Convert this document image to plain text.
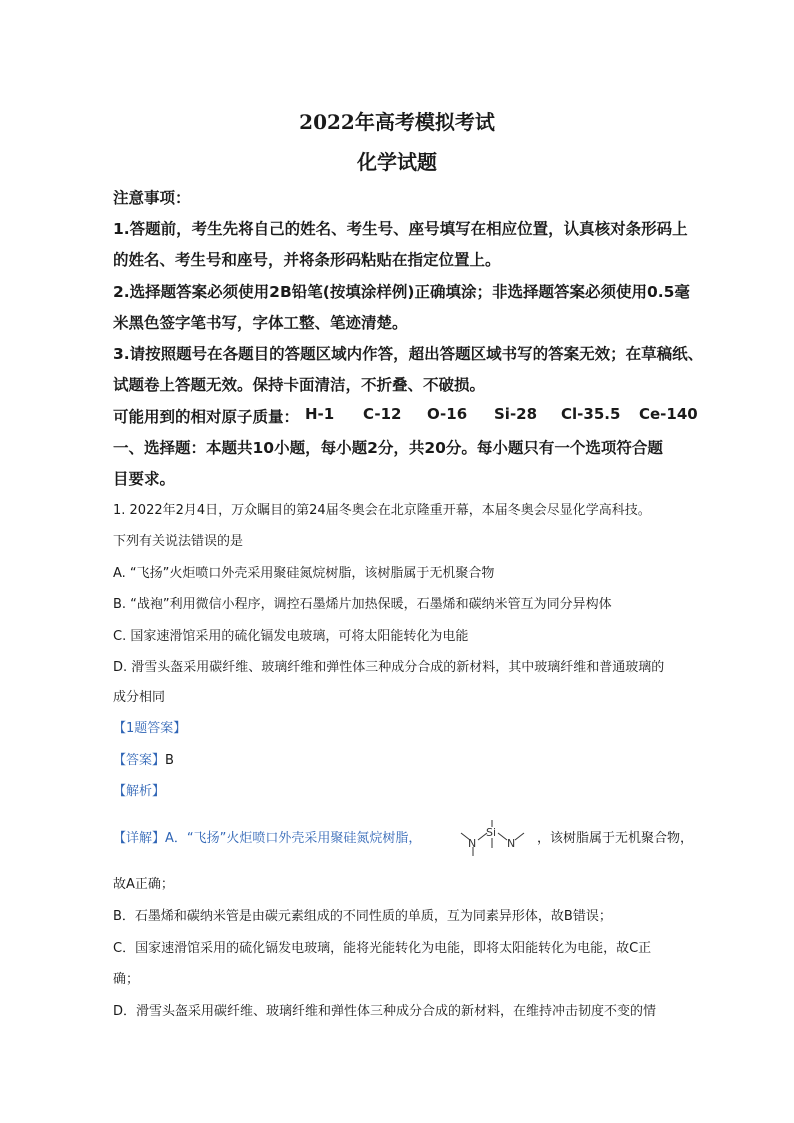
2022年高考模拟考试
化学试题
注意事项：
1.答题前，考生先将自己的姓名、考生号、座号填写在相应位置，认真核对条形码上
的姓名、考生号和座号，并将条形码粘贴在指定位置上。
2.选择题答案必须使用2B铅笔(按填涂样例)正确填涂；非选择题答案必须使用0.5毫
米黑色签字笔书写，字体工整、笔迹清楚。
3.请按照题号在各题目的答题区域内作答，超出答题区域书写的答案无效；在草稿纸、
试题卷上答题无效。保持卡面清洁，不折叠、不破损。
可能用到的相对原子质量： H-1 C-12 O-16 Si-28 Cl-35.5 Ce-140
一、选择题：本题共10小题，每小题2分，共20分。每小题只有一个选项符合题
目要求。
1. 2022年2月4日，万众瞩目的第24届冬奥会在北京隆重开幕，本届冬奥会尽显化学高科技。
下列有关说法错误的是
A. “飞扬”火炬喷口外壳采用聚硅氮烷树脂，该树脂属于无机聚合物
B. “战袍”利用微信小程序，调控石墨烯片加热保暖，石墨烯和碳纳米管互为同分异构体
C. 国家速滑馆采用的硫化镉发电玻璃，可将太阳能转化为电能
D. 滑雪头盔采用碳纤维、玻璃纤维和弹性体三种成分合成的新材料，其中玻璃纤维和普通玻璃的
成分相同
【1题答案】
【答案】B
【解析】
【详解】A．“飞扬”火炬喷口外壳采用聚硅氮烷树脂，	N
Si
N ，该树脂属于无机聚合物，
故A正确；
B．石墨烯和碳纳米管是由碳元素组成的不同性质的单质，互为同素异形体，故B错误；
C．国家速滑馆采用的硫化镉发电玻璃，能将光能转化为电能，即将太阳能转化为电能，故C正
确；
D．滑雪头盔采用碳纤维、玻璃纤维和弹性体三种成分合成的新材料，在维持冲击韧度不变的情
